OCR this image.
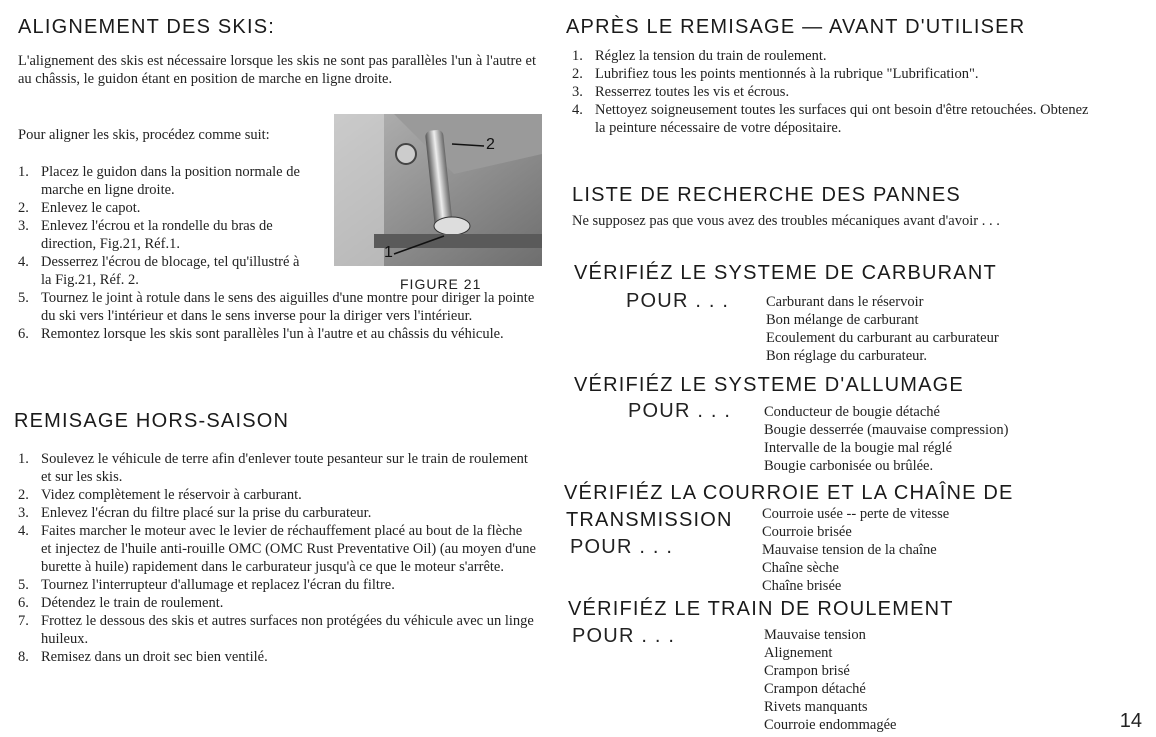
ALIGNEMENT DES SKIS:

L'alignement des skis est nécessaire lorsque les skis ne sont pas parallèles l'un à l'autre et au châssis, le guidon étant en position de marche en ligne droite.

Pour aligner les skis, procédez comme suit:

1. Placez le guidon dans la position normale de marche en ligne droite.
2. Enlevez le capot.
3. Enlevez l'écrou et la rondelle du bras de direction, Fig.21, Réf.1.
4. Desserrez l'écrou de blocage, tel qu'illustré à la Fig.21, Réf. 2.
5. Tournez le joint à rotule dans le sens des aiguilles d'une montre pour diriger la pointe du ski vers l'intérieur et dans le sens inverse pour la diriger vers l'intérieur.
6. Remontez lorsque les skis sont parallèles l'un à l'autre et au châssis du véhicule.
REMISAGE HORS-SAISON
1. Soulevez le véhicule de terre afin d'enlever toute pesanteur sur le train de roulement et sur les skis.
2. Videz complètement le réservoir à carburant.
3. Enlevez l'écran du filtre placé sur la prise du carburateur.
4. Faites marcher le moteur avec le levier de réchauffement placé au bout de la flèche et injectez de l'huile anti-rouille OMC (OMC Rust Preventative Oil) (au moyen d'une burette à huile) rapidement dans le carburateur jusqu'à ce que le moteur s'arrête.
5. Tournez l'interrupteur d'allumage et replacez l'écran du filtre.
6. Détendez le train de roulement.
7. Frottez le dessous des skis et autres surfaces non protégées du véhicule avec un linge huileux.
8. Remisez dans un droit sec bien ventilé.
2
1
FIGURE 21
APRÈS LE REMISAGE — AVANT D'UTILISER
1. Réglez la tension du train de roulement.
2. Lubrifiez tous les points mentionnés à la rubrique "Lubrification".
3. Resserrez toutes les vis et écrous.
4. Nettoyez soigneusement toutes les surfaces qui ont besoin d'être retouchées. Obtenez la peinture nécessaire de votre dépositaire.
LISTE DE RECHERCHE DES PANNES

Ne supposez pas que vous avez des troubles mécaniques avant d'avoir . . .

VÉRIFIÉZ LE SYSTEME DE CARBURANT
POUR . . .	Carburant dans le réservoir
Bon mélange de carburant
Ecoulement du carburant au carburateur
Bon réglage du carburateur.
VÉRIFIÉZ LE SYSTEME D'ALLUMAGE
POUR . . . Conducteur de bougie détaché
Bougie desserrée (mauvaise compression)
Intervalle de la bougie mal réglé
Bougie carbonisée ou brûlée.
VÉRIFIÉZ LA COURROIE ET LA CHAÎNE DE
TRANSMISSION
POUR . . .
Courroie usée -- perte de vitesse
Courroie brisée
Mauvaise tension de la chaîne
Chaîne sèche
Chaîne brisée
VÉRIFIÉZ LE TRAIN DE ROULEMENT
POUR . . .	Mauvaise tension
Alignement
Crampon brisé
Crampon détaché
Rivets manquants
Courroie endommagée	14
